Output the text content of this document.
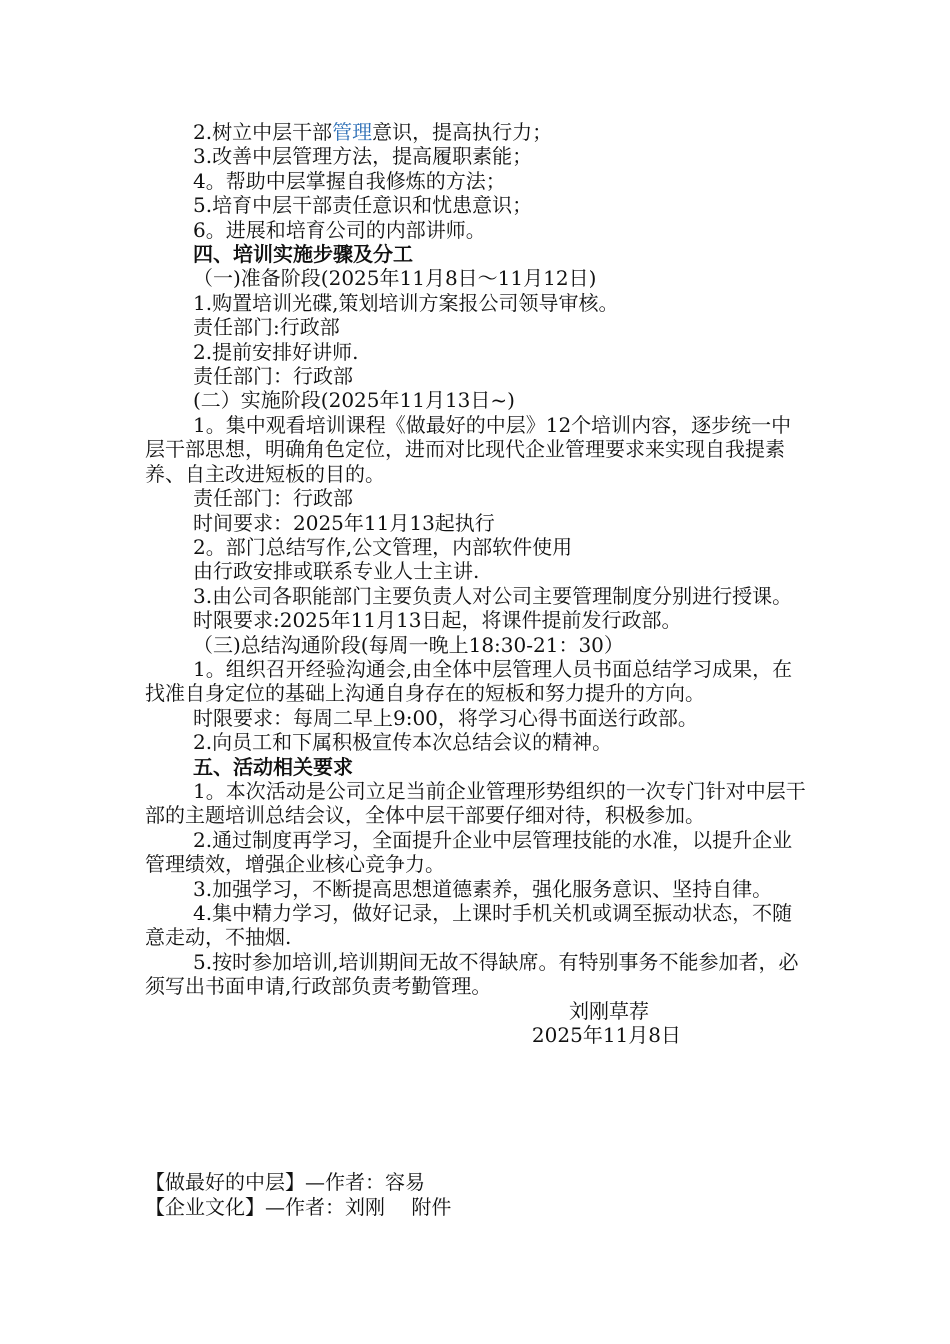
2.树立中层干部管理意识，提高执行力；

3.改善中层管理方法，提高履职素能；

4。帮助中层掌握自我修炼的方法；

5.培育中层干部责任意识和忧患意识；

6。进展和培育公司的内部讲师。

四、培训实施步骤及分工

（一)准备阶段(2025年11月8日～11月12日)

1.购置培训光碟,策划培训方案报公司领导审核。

责任部门:行政部

2.提前安排好讲师.

责任部门：行政部

(二）实施阶段(2025年11月13日~)

1。集中观看培训课程《做最好的中层》12个培训内容，逐步统一中层干部思想，明确角色定位，进而对比现代企业管理要求来实现自我提素养、自主改进短板的目的。

责任部门：行政部

时间要求：2025年11月13起执行

2。部门总结写作,公文管理，内部软件使用

由行政安排或联系专业人士主讲.

3.由公司各职能部门主要负责人对公司主要管理制度分别进行授课。

时限要求:2025年11月13日起，将课件提前发行政部。

（三)总结沟通阶段(每周一晚上18:30-21：30）

1。组织召开经验沟通会,由全体中层管理人员书面总结学习成果，在找准自身定位的基础上沟通自身存在的短板和努力提升的方向。

时限要求：每周二早上9:00，将学习心得书面送行政部。

2.向员工和下属积极宣传本次总结会议的精神。

五、活动相关要求

1。本次活动是公司立足当前企业管理形势组织的一次专门针对中层干部的主题培训总结会议，全体中层干部要仔细对待，积极参加。

2.通过制度再学习，全面提升企业中层管理技能的水准，以提升企业管理绩效，增强企业核心竞争力。

3.加强学习，不断提高思想道德素养，强化服务意识、坚持自律。

4.集中精力学习，做好记录，上课时手机关机或调至振动状态，不随意走动，不抽烟.

5.按时参加培训,培训期间无故不得缺席。有特别事务不能参加者，必须写出书面申请,行政部负责考勤管理。

刘刚草荐

2025年11月8日

【做最好的中层】—作者：容易
【企业文化】—作者：刘刚　 附件
